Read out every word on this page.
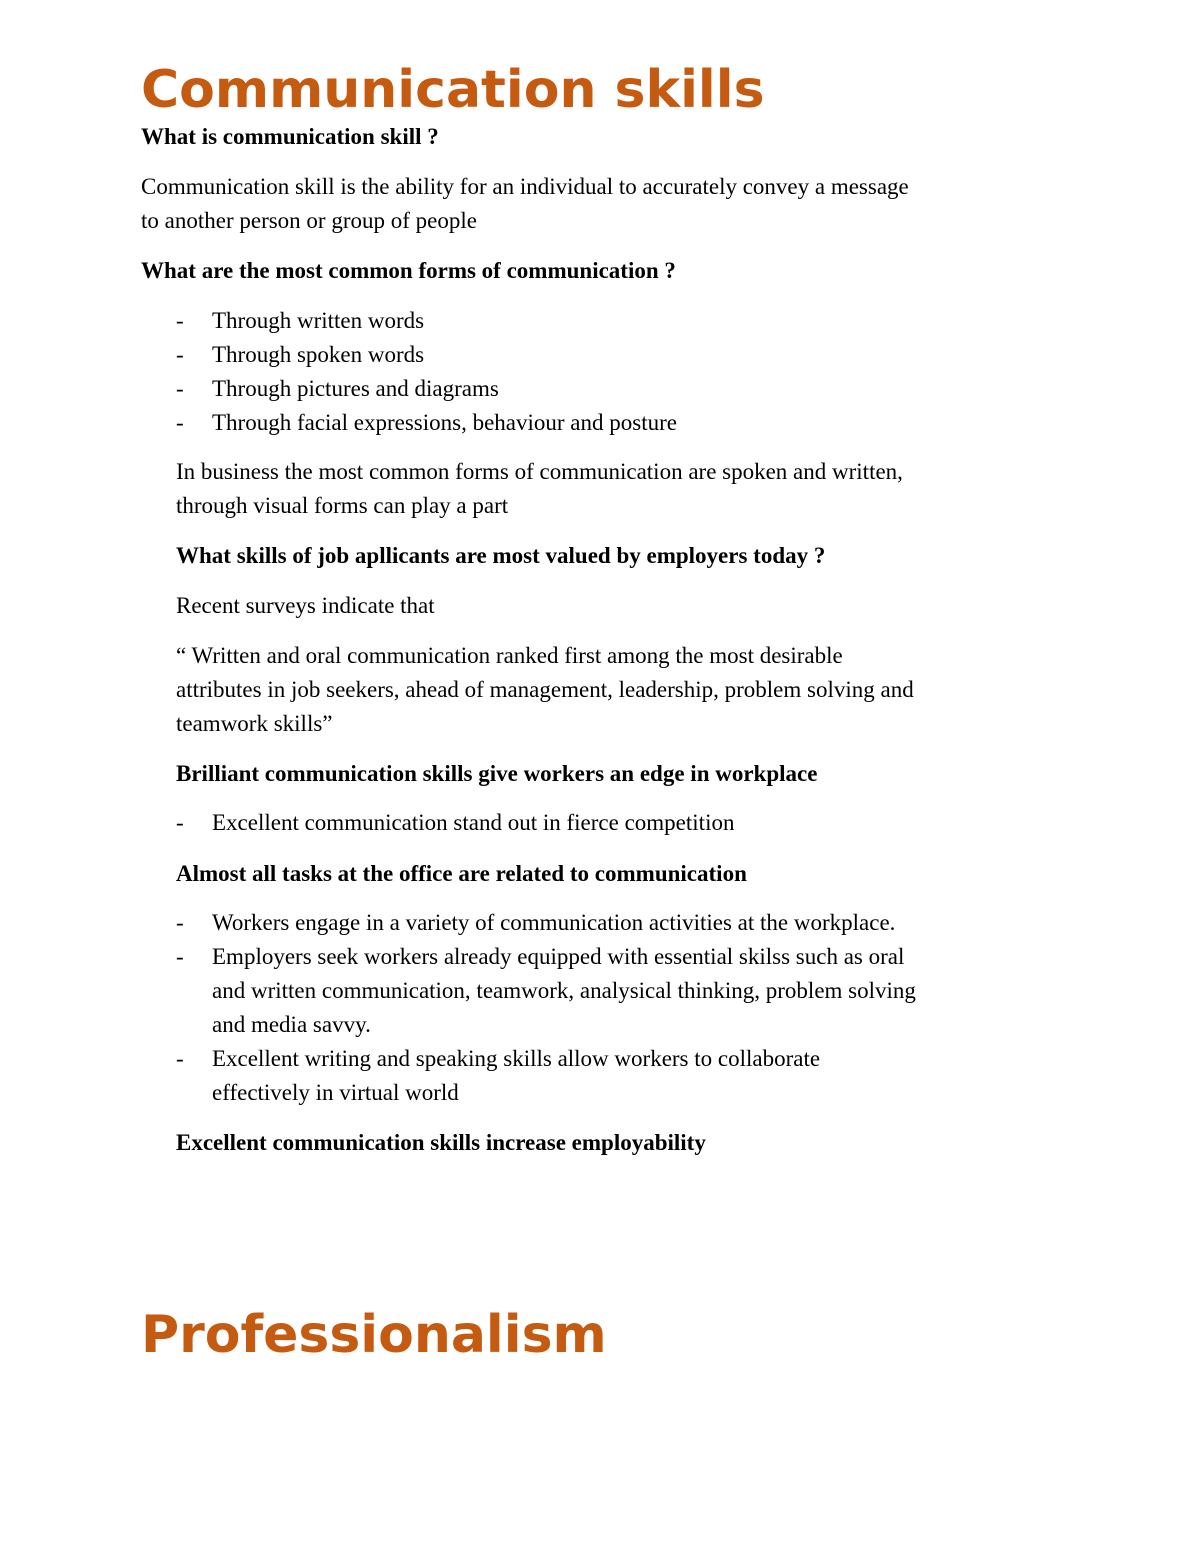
Communication skills

What is communication skill ?

Communication skill is the ability for an individual to accurately convey a message

to another person or group of people

What are the most common forms of communication ?

- Through written words

- Through spoken words

- Through pictures and diagrams

- Through facial expressions, behaviour and posture

In business the most common forms of communication are spoken and written,

through visual forms can play a part

What skills of job apllicants are most valued by employers today ?

Recent surveys indicate that

“ Written and oral communication ranked first among the most desirable

attributes in job seekers, ahead of management, leadership, problem solving and

teamwork skills”

Brilliant communication skills give workers an edge in workplace

- Excellent communication stand out in fierce competition

Almost all tasks at the office are related to communication

- Workers engage in a variety of communication activities at the workplace.

- Employers seek workers already equipped with essential skilss such as oral

and written communication, teamwork, analysical thinking, problem solving

and media savvy.

- Excellent writing and speaking skills allow workers to collaborate

effectively in virtual world

Excellent communication skills increase employability

Professionalism
